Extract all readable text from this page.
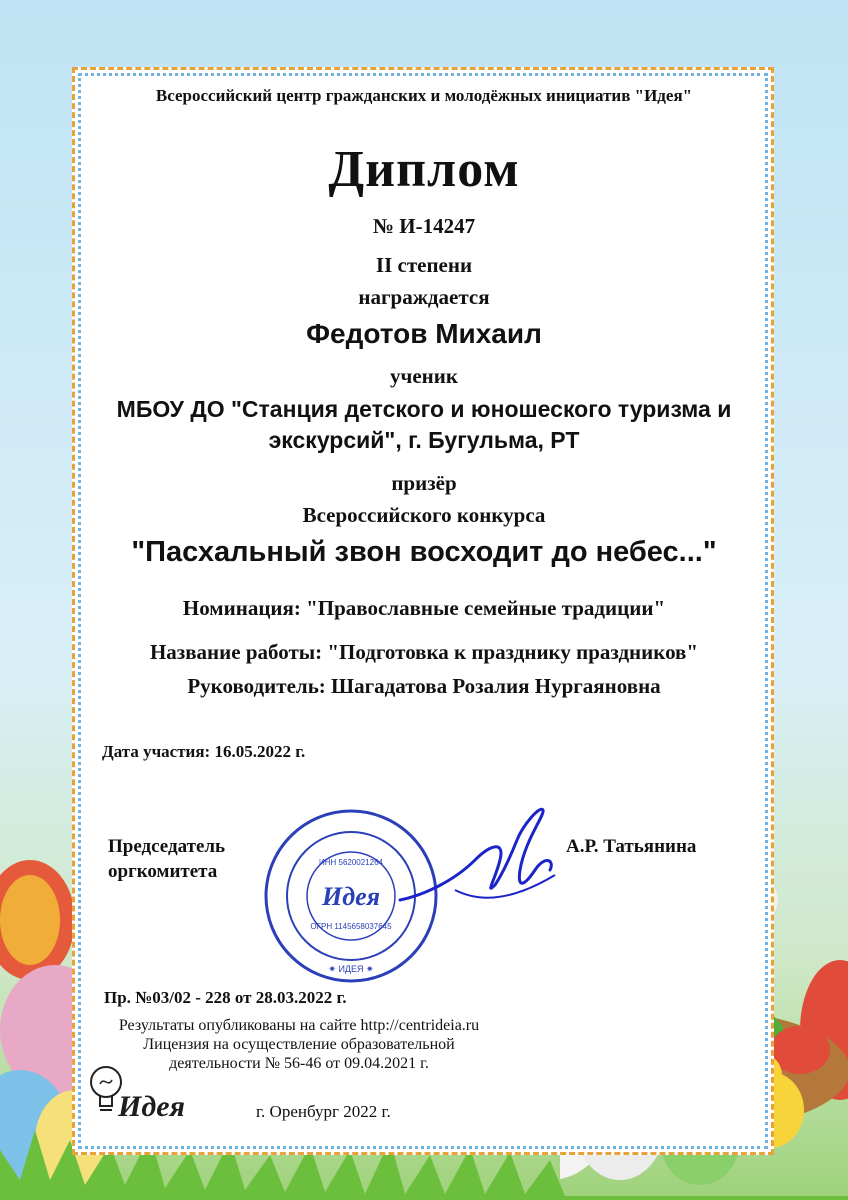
Всероссийский центр гражданских и молодёжных инициатив "Идея"
Диплом
№ И-14247
II степени
награждается
Федотов Михаил
ученик
МБОУ ДО "Станция детского и юношеского туризма и
экскурсий", г. Бугульма, РТ
призёр
Всероссийского конкурса
"Пасхальный звон восходит до небес..."
Номинация: "Православные семейные традиции"
Название работы: "Подготовка к празднику праздников"
Руководитель: Шагадатова Розалия Нургаяновна
Дата участия: 16.05.2022 г.
Председатель
оргкомитета
А.Р. Татьянина
ИНН 5620021264
Идея
ОГРН 1145658037645
✷ ИДЕЯ ✷
Пр. №03/02 - 228 от 28.03.2022 г.
Результаты опубликованы на сайте http://centrideia.ru
Лицензия на осуществление образовательной
деятельности № 56-46 от 09.04.2021 г.
Идея	г. Оренбург 2022 г.
